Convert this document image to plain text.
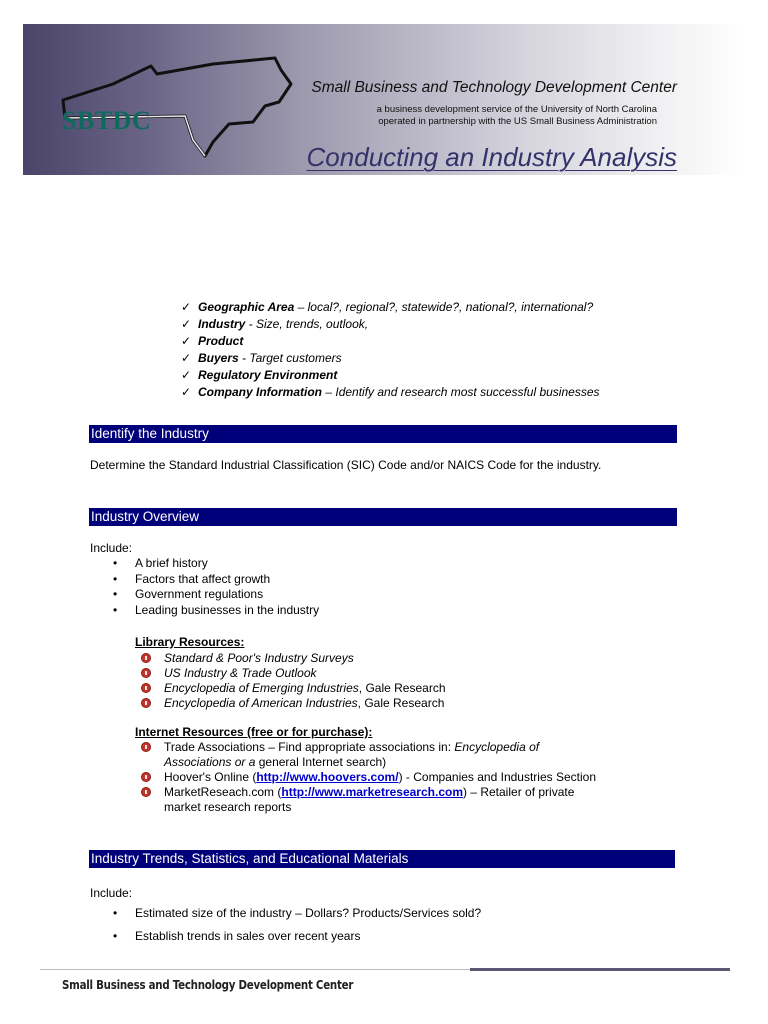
SBTDC
Small Business and Technology Development Center
a business development service of the University of North Carolina
operated in partnership with the US Small Business Administration
Conducting an Industry Analysis
✓ Geographic Area – local?, regional?, statewide?, national?, international?
✓ Industry - Size, trends, outlook,
✓ Product
✓ Buyers - Target customers
✓ Regulatory Environment
✓ Company Information – Identify and research most successful businesses
Identify the Industry
Determine the Standard Industrial Classification (SIC) Code and/or NAICS Code for the industry.
Industry Overview
Include:
• A brief history
• Factors that affect growth
• Government regulations
• Leading businesses in the industry
Library Resources:
Standard & Poor's Industry Surveys
US Industry & Trade Outlook
Encyclopedia of Emerging Industries, Gale Research
Encyclopedia of American Industries, Gale Research
Internet Resources (free or for purchase):
Trade Associations – Find appropriate associations in: Encyclopedia of
Associations or a general Internet search)
Hoover's Online (http://www.hoovers.com/) - Companies and Industries Section
MarketReseach.com (http://www.marketresearch.com) – Retailer of private
market research reports
Industry Trends, Statistics, and Educational Materials
Include:
• Estimated size of the industry – Dollars? Products/Services sold?
• Establish trends in sales over recent years
Small Business and Technology Development Center
